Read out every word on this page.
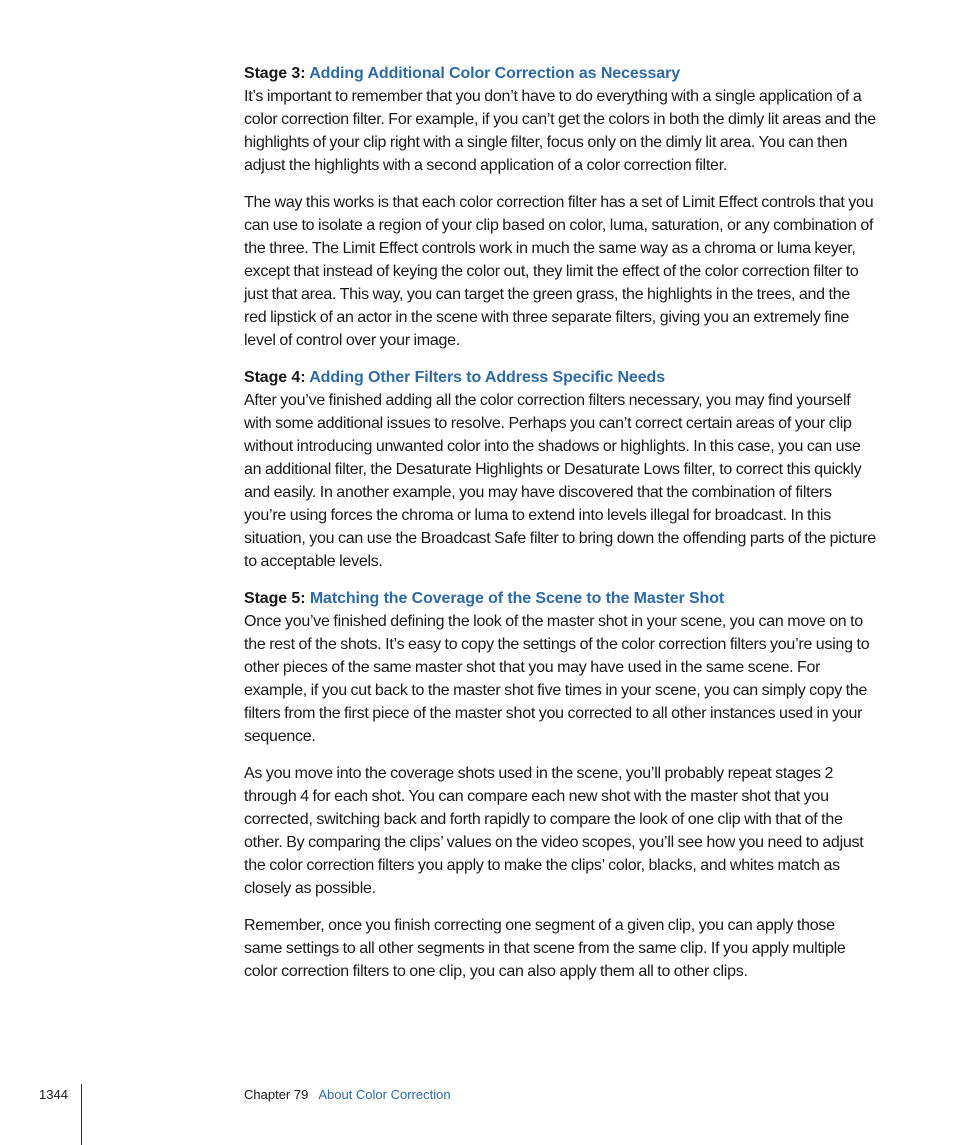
Stage 3: Adding Additional Color Correction as Necessary

It’s important to remember that you don’t have to do everything with a single application of a color correction filter. For example, if you can’t get the colors in both the dimly lit areas and the highlights of your clip right with a single filter, focus only on the dimly lit area. You can then adjust the highlights with a second application of a color correction filter.

The way this works is that each color correction filter has a set of Limit Effect controls that you can use to isolate a region of your clip based on color, luma, saturation, or any combination of the three. The Limit Effect controls work in much the same way as a chroma or luma keyer, except that instead of keying the color out, they limit the effect of the color correction filter to just that area. This way, you can target the green grass, the highlights in the trees, and the red lipstick of an actor in the scene with three separate filters, giving you an extremely fine level of control over your image.

Stage 4: Adding Other Filters to Address Specific Needs

After you’ve finished adding all the color correction filters necessary, you may find yourself with some additional issues to resolve. Perhaps you can’t correct certain areas of your clip without introducing unwanted color into the shadows or highlights. In this case, you can use an additional filter, the Desaturate Highlights or Desaturate Lows filter, to correct this quickly and easily. In another example, you may have discovered that the combination of filters you’re using forces the chroma or luma to extend into levels illegal for broadcast. In this situation, you can use the Broadcast Safe filter to bring down the offending parts of the picture to acceptable levels.

Stage 5: Matching the Coverage of the Scene to the Master Shot

Once you’ve finished defining the look of the master shot in your scene, you can move on to the rest of the shots. It’s easy to copy the settings of the color correction filters you’re using to other pieces of the same master shot that you may have used in the same scene. For example, if you cut back to the master shot five times in your scene, you can simply copy the filters from the first piece of the master shot you corrected to all other instances used in your sequence.

As you move into the coverage shots used in the scene, you’ll probably repeat stages 2 through 4 for each shot. You can compare each new shot with the master shot that you corrected, switching back and forth rapidly to compare the look of one clip with that of the other. By comparing the clips’ values on the video scopes, you’ll see how you need to adjust the color correction filters you apply to make the clips’ color, blacks, and whites match as closely as possible.

Remember, once you finish correcting one segment of a given clip, you can apply those same settings to all other segments in that scene from the same clip. If you apply multiple color correction filters to one clip, you can also apply them all to other clips.

1344	Chapter 79 About Color Correction
